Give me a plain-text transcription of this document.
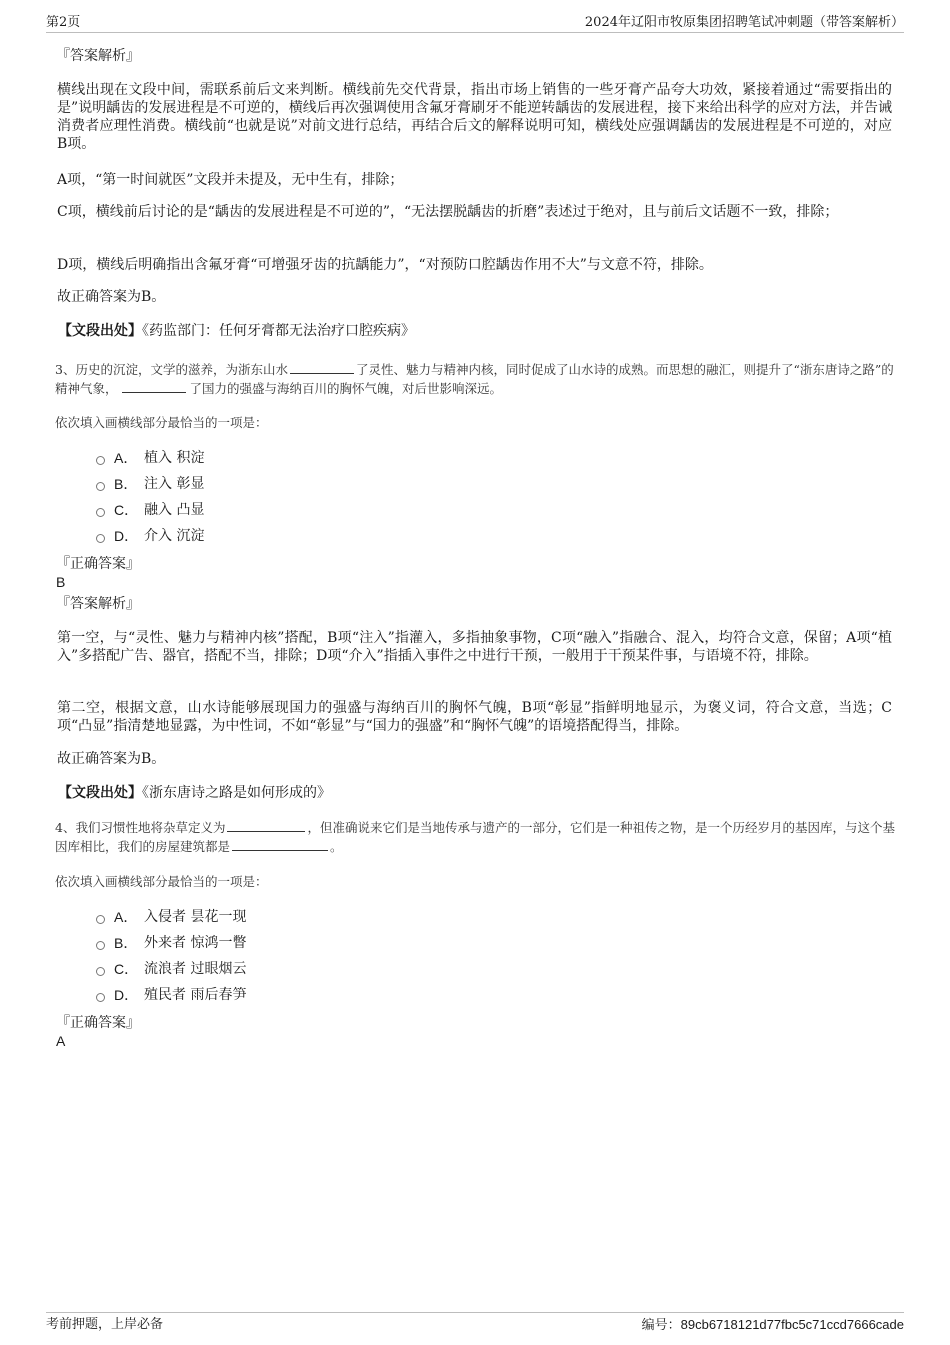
第2页	2024年辽阳市牧原集团招聘笔试冲刺题（带答案解析）
『答案解析』
横线出现在文段中间，需联系前后文来判断。横线前先交代背景，指出市场上销售的一些牙膏产品夸大功效，紧接着通过“需要指出的是”说明龋齿的发展进程是不可逆的，横线后再次强调使用含氟牙膏刷牙不能逆转龋齿的发展进程，接下来给出科学的应对方法，并告诫消费者应理性消费。横线前“也就是说”对前文进行总结，再结合后文的解释说明可知，横线处应强调龋齿的发展进程是不可逆的，对应B项。
A项，“第一时间就医”文段并未提及，无中生有，排除；
C项，横线前后讨论的是“龋齿的发展进程是不可逆的”，“无法摆脱龋齿的折磨”表述过于绝对，且与前后文话题不一致，排除；
D项，横线后明确指出含氟牙膏“可增强牙齿的抗龋能力”，“对预防口腔龋齿作用不大”与文意不符，排除。
故正确答案为B。
【文段出处】《药监部门：任何牙膏都无法治疗口腔疾病》
3、历史的沉淀，文学的滋养，为浙东山水	了灵性、魅力与精神内核，同时促成了山水诗的成熟。而思想的融汇，则提升了“浙东唐诗之路”的精神气象，	了国力的强盛与海纳百川的胸怀气魄，对后世影响深远。
依次填入画横线部分最恰当的一项是：
A． 植入 积淀
B． 注入 彰显
C． 融入 凸显
D． 介入 沉淀
『正确答案』
B
『答案解析』
第一空，与“灵性、魅力与精神内核”搭配，B项“注入”指灌入，多指抽象事物，C项“融入”指融合、混入，均符合文意，保留；A项“植入”多搭配广告、器官，搭配不当，排除；D项“介入”指插入事件之中进行干预，一般用于干预某件事，与语境不符，排除。
第二空，根据文意，山水诗能够展现国力的强盛与海纳百川的胸怀气魄，B项“彰显”指鲜明地显示，为褒义词，符合文意，当选；C项“凸显”指清楚地显露，为中性词，不如“彰显”与“国力的强盛”和“胸怀气魄”的语境搭配得当，排除。
故正确答案为B。
【文段出处】《浙东唐诗之路是如何形成的》
4、我们习惯性地将杂草定义为	，但准确说来它们是当地传承与遗产的一部分，它们是一种祖传之物，是一个历经岁月的基因库，与这个基因库相比，我们的房屋建筑都是	。
依次填入画横线部分最恰当的一项是：
A． 入侵者 昙花一现
B． 外来者 惊鸿一瞥
C． 流浪者 过眼烟云
D． 殖民者 雨后春笋
『正确答案』
A
考前押题，上岸必备	编号：89cb6718121d77fbc5c71ccd7666cade
